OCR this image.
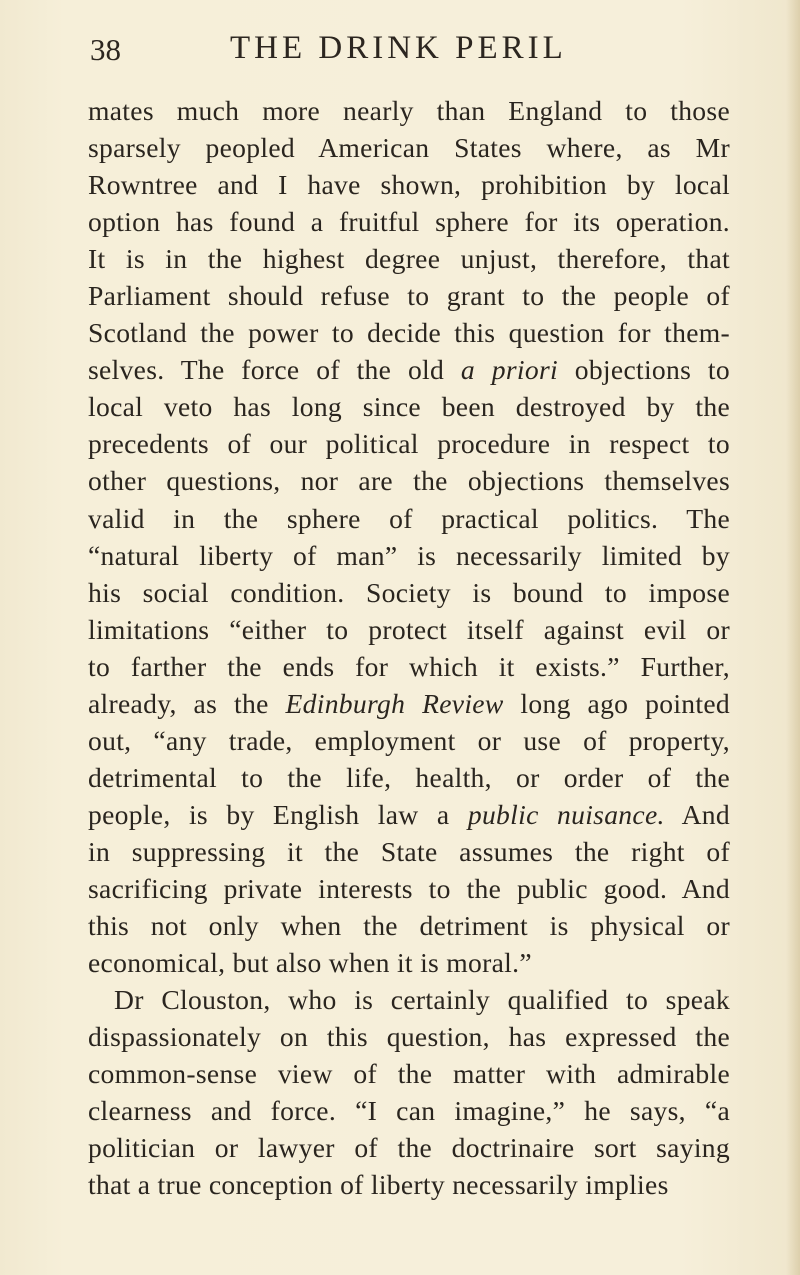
38	THE DRINK PERIL
mates much more nearly than England to those
sparsely peopled American States where, as Mr
Rowntree and I have shown, prohibition by local
option has found a fruitful sphere for its operation.
It is in the highest degree unjust, therefore, that
Parliament should refuse to grant to the people of
Scotland the power to decide this question for them-
selves. The force of the old a priori objections to
local veto has long since been destroyed by the
precedents of our political procedure in respect to
other questions, nor are the objections themselves
valid in the sphere of practical politics. The
“natural liberty of man” is necessarily limited by
his social condition. Society is bound to impose
limitations “either to protect itself against evil or
to farther the ends for which it exists.” Further,
already, as the Edinburgh Review long ago pointed
out, “any trade, employment or use of property,
detrimental to the life, health, or order of the
people, is by English law a public nuisance. And
in suppressing it the State assumes the right of
sacrificing private interests to the public good. And
this not only when the detriment is physical or
economical, but also when it is moral.”
Dr Clouston, who is certainly qualified to speak
dispassionately on this question, has expressed the
common-sense view of the matter with admirable
clearness and force. “I can imagine,” he says, “a
politician or lawyer of the doctrinaire sort saying
that a true conception of liberty necessarily implies
